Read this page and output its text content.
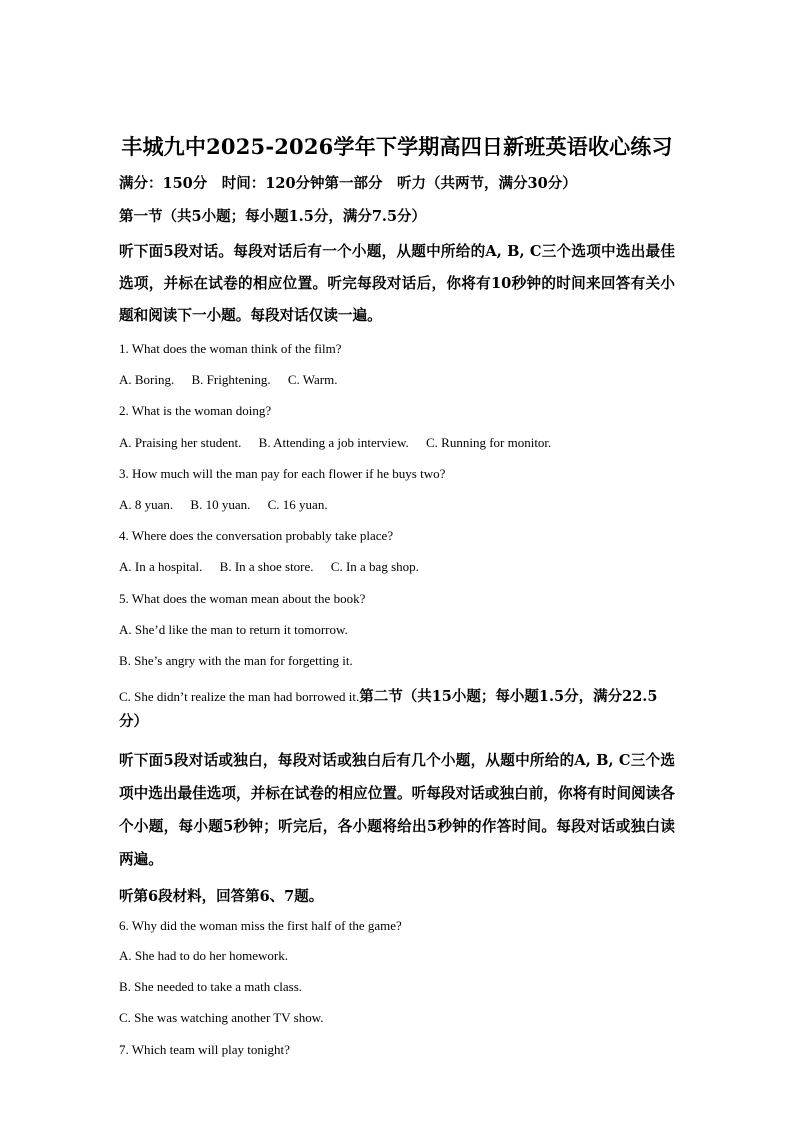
丰城九中2025-2026学年下学期高四日新班英语收心练习
满分：150分　时间：120分钟第一部分　听力（共两节，满分30分）
第一节（共5小题；每小题1.5分，满分7.5分）
听下面5段对话。每段对话后有一个小题，从题中所给的A, B, C三个选项中选出最佳选项，并标在试卷的相应位置。听完每段对话后，你将有10秒钟的时间来回答有关小题和阅读下一小题。每段对话仅读一遍。
1. What does the woman think of the film?
A. Boring. B. Frightening. C. Warm.
2. What is the woman doing?
A. Praising her student. B. Attending a job interview. C. Running for monitor.
3. How much will the man pay for each flower if he buys two?
A. 8 yuan. B. 10 yuan. C. 16 yuan.
4. Where does the conversation probably take place?
A. In a hospital. B. In a shoe store. C. In a bag shop.
5. What does the woman mean about the book?
A. She’d like the man to return it tomorrow.
B. She’s angry with the man for forgetting it.
C. She didn’t realize the man had borrowed it.第二节（共15小题；每小题1.5分，满分22.5分）
听下面5段对话或独白，每段对话或独白后有几个小题，从题中所给的A, B, C三个选项中选出最佳选项，并标在试卷的相应位置。听每段对话或独白前，你将有时间阅读各个小题，每小题5秒钟；听完后，各小题将给出5秒钟的作答时间。每段对话或独白读两遍。
听第6段材料，回答第6、7题。
6. Why did the woman miss the first half of the game?
A. She had to do her homework.
B. She needed to take a math class.
C. She was watching another TV show.
7. Which team will play tonight?
